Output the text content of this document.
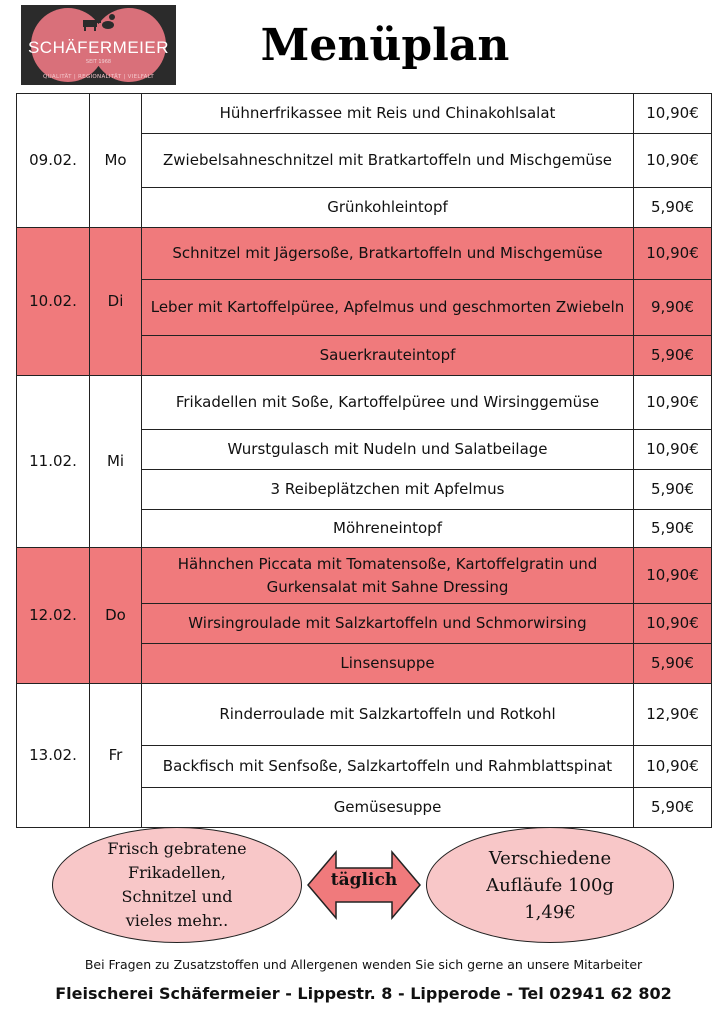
SCHÄFERMEIER
SEIT 1968
QUALITÄT | REGIONALITÄT | VIELFALT
Menüplan
09.02.	Mo	Hühnerfrikassee mit Reis und Chinakohlsalat	10,90€
		Zwiebelsahneschnitzel mit Bratkartoffeln und Mischgemüse	10,90€
		Grünkohleintopf	5,90€
10.02.	Di	Schnitzel mit Jägersoße, Bratkartoffeln und Mischgemüse	10,90€
		Leber mit Kartoffelpüree, Apfelmus und geschmorten Zwiebeln	9,90€
		Sauerkrauteintopf	5,90€
11.02.	Mi	Frikadellen mit Soße, Kartoffelpüree und Wirsinggemüse	10,90€
		Wurstgulasch mit Nudeln und Salatbeilage	10,90€
		3 Reibeplätzchen mit Apfelmus	5,90€
		Möhreneintopf	5,90€
12.02.	Do	Hähnchen Piccata mit Tomatensoße, Kartoffelgratin und Gurkensalat mit Sahne Dressing	10,90€
		Wirsingroulade mit Salzkartoffeln und Schmorwirsing	10,90€
		Linsensuppe	5,90€
13.02.	Fr	Rinderroulade mit Salzkartoffeln und Rotkohl	12,90€
		Backfisch mit Senfsoße, Salzkartoffeln und Rahmblattspinat	10,90€
		Gemüsesuppe	5,90€
Frisch gebratene Frikadellen, Schnitzel und vieles mehr..
täglich
Verschiedene Aufläufe 100g 1,49€
Bei Fragen zu Zusatzstoffen und Allergenen wenden Sie sich gerne an unsere Mitarbeiter
Fleischerei Schäfermeier - Lippestr. 8 - Lipperode - Tel 02941 62 802
